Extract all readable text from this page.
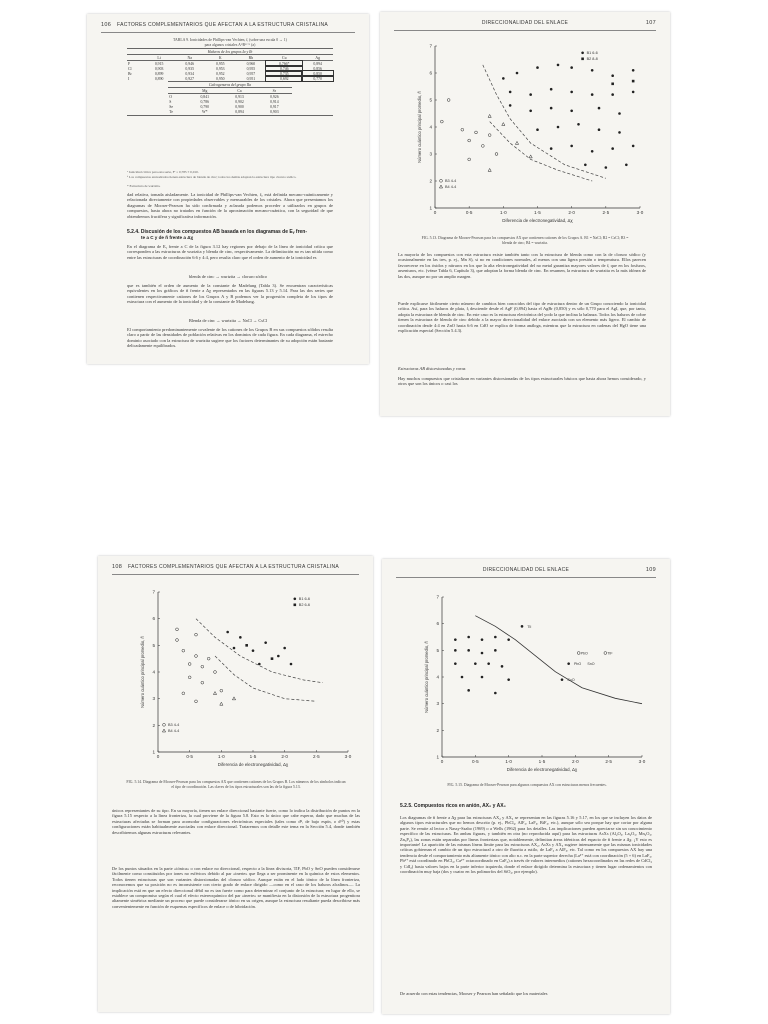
106 FACTORES COMPLEMENTARIOS QUE AFECTAN A LA ESTRUCTURA CRISTALINA
TABLA 9. Ionicidades de Phillips-van Vechten, fᵢ (sobre una escala 0 → 1)
para algunos cristales AᴺB⁸⁻ᴺ (a)
Haluros de los grupos Ia y Ib						
	Li	Na	K	Rb	Cu	Ag
F	0,915	0,946	0,955	0,960	0,766*	0,894
Cl	0,903	0,935	0,953	0,955	0,746	0,856
Br	0,899	0,934	0,952	0,957	0,735	0,850
I	0,890	0,927	0,950	0,951	0,692	0,770
Calcogenuros del grupo IIa			
	Mg	Ca	Sr
O	0,841	0,913	0,926
S	0,786	0,902	0,914
Se	0,790	0,900	0,917
Te	W*	0,894	0,903

ᵃ Ionicidad crítica para esta serie, Fᶜ = 0,785 ± 0,010.

ᵇ Los compuestos encuadrados tienen estructura de blenda de cinc; todos los demás adoptan la estructura tipo cloruro sódico.

* Estructura de wurtzita.

dad relativa, tomada aisladamente. La ionicidad de Phillips-van Vechten, fᵢ, está definida mecano-cuánticamente y relacionada directamente con propiedades observables y mensurables de los cristales. Ahora que presentamos los diagramas de Mooser-Pearson ha sido confirmada y aclarada podemos proceder a utilizarlos en grupos de compuestos, hasta ahora no tratados en función de la aproximación mecano-cuántica, con la seguridad de que obtendremos fructífera y significativa información.

5.2.4. Discusión de los compuestos AB basada en los diagramas de Eᵧ fren-
te a C y de ñ frente a Δχ

En el diagrama de Eᵧ frente a C de la figura 3.12 hay regiones por debajo de la línea de ionicidad crítica que corresponden a las estructuras de wurtzita y blenda de cinc, respectivamente. La delimitación no es tan nítida como entre las estructuras de coordinación 6:6 y 4:4, pero resulta claro que el orden de aumento de la ionicidad es

blenda de cinc → wurtzita → cloruro sódico

que es también el orden de aumento de la constante de Madelung (Tabla 3). Se encuentran características equivalentes en los gráficos de ñ frente a Δχ representados en las figuras 5.13 y 5.14. Para las dos series que contienen respectivamente cationes de los Grupos A y B podemos ver la progresión completa de los tipos de estructura con el aumento de la ionicidad y de la constante de Madelung.

Blenda de cinc → wurtzita → NaCl → CsCl

El comportamiento predominantemente covalente de los cationes de los Grupos B en sus compuestos sólidos resulta claro a partir de las densidades de población relativas en los dominios de cada figura. En cada diagrama, el estrecho dominio asociado con la estructura de wurtzita sugiere que los factores determinantes de su adopción están bastante delicadamente equilibrados.

DIRECCIONALIDAD DEL ENLACE	107
0	0·5	1·0	1·5	2·0	2·5	3·0
1
2
3
4
5
6
7
Diferencia de electronegatividad, Δχ
Número cuántico principal promedio, ñ
B1 6-6
B2 8-8
B3 4-4
B4 4-4

FIG. 5.13. Diagrama de Mooser-Pearson para los compuestos AX que contienen cationes de los Grupos A. B1 = NaCl; B2 = CsCl; B3 = blenda de cinc; B4 = wurtzita.

La mayoría de los compuestos con esta estructura existe también tanto con la estructura de blenda como con la de cloruro sódico (y ocasionalmente en las tres, p. ej., Mn S), si no en condiciones normales, al menos con una ligera presión o temperatura. Ellos parecen favorecerse en los óxidos y nitruros en los que la alta electronegatividad del no metal garantiza mayores valores de fᵢ que en los fosfuros, arseniuros, etc. (véase Tabla 6, Capítulo 3), que adoptan la forma blenda de cinc. En resumen, la estructura de wurtzita es la más idónea de las dos, aunque no por un amplio margen.

Puede explicarse fácilmente cierto número de cambios bien conocidos del tipo de estructura dentro de un Grupo conociendo la ionicidad crítica. Así, para los haluros de plata, fᵢ desciende desde el AgF (0,894) hasta el AgBr (0,850) y es sólo 0,770 para el AgI, que, por tanto, adopta la estructura de blenda de cinc. En este caso es la estructura electrónica del yodo la que inclina la balanza. Todos los haluros de cobre tienen la estructura de blenda de cinc debido a la mayor direccionalidad del enlace asociada con un elemento más ligero. El cambio de coordinación desde 4:4 en ZnO hasta 6:6 en CdO se explica de forma análoga, mientras que la estructura en cadenas del HgO tiene una explicación especial (Sección 5.4.3).

Estructuras AB distorsionadas y raras

Hay muchos compuestos que cristalizan en variantes distorsionadas de los tipos estructurales básicos que hasta ahora hemos considerado, y otros que son los únicos o casi los

108 FACTORES COMPLEMENTARIOS QUE AFECTAN A LA ESTRUCTURA CRISTALINA
0	0·5	1·0	1·5	2·0	2·5	3·0
1
2
3
4
5
6
7
Diferencia de electronegatividad, Δχ
Número cuántico principal promedio, ñ
B1 6-6
B2 6-6
B3 4-4
B4 4-4

FIG. 5.14. Diagrama de Mooser-Pearson para los compuestos AX que contienen cationes de los Grupos B. Los números de los símbolos indican el tipo de coordinación. Las claves de los tipos estructurales son las de la figura 5.13.

únicos representantes de su tipo. En su mayoría, tienen un enlace direccional bastante fuerte, como lo indica la distribución de puntos en la figura 5.15 respecto a la línea fronteriza, la cual proviene de la figura 5.8. Esto es lo único que cabe esperar, dado que muchas de las estructuras afectadas se forman para acomodar configuraciones electrónicas especiales (tales como d⁸, de bajo espín, o d¹⁰) y estas configuraciones están habitualmente asociadas con enlace direccional. Trataremos con detalle este tema en la Sección 5.4, donde también describiremos algunas estructuras relevantes.

De los puntos situados en la parte «iónica» o con enlace no direccional, respecto a la línea divisoria, TlF, PbO y SnO pueden considerarse fácilmente como constituidos por iones no esféricos debido al par «inerte» que llega a ser prominente en la química de estos elementos. Todos tienen estructuras que son variantes distorsionadas del cloruro sódico. Aunque están en el lado iónico de la línea fronteriza, reconocemos que su posición no es inconsistente con cierto grado de enlace dirigido —como en el caso de los haluros alcalinos—. La implicación está en que un efecto direccional débil no es tan fuerte como para determinar el conjunto de la estructura; en lugar de ello, se establece un compromiso según el cual el efecto estereoquímico del par «inerte» se manifiesta en la distorsión de la estructura progenitora altamente simétrica mediante un proceso que puede considerarse iónico en su origen, aunque la estructura resultante pueda describirse más convenientemente en función de esquemas específicos de enlace o de hibridación.

DIRECCIONALIDAD DEL ENLACE	109
0	0·5	1·0	1·5	2·0	2·5	3·0
1
2
3
4
5
6
7
Diferencia de electronegatividad, Δχ
Número cuántico principal promedio, ñ
TlI
PbO	TlF
PbO SnO
CuO

FIG. 5.15. Diagrama de Mooser-Pearson para algunos compuestos AX con estructuras menos frecuentes.

5.2.5. Compuestos ricos en anión, AX₂ y AX₃

Los diagramas de ñ frente a Δχ para las estructuras AX₂ y AX₃ se representan en las figuras 5.16 y 5.17, en los que se incluyen los datos de algunos tipos estructurales que no hemos descrito (p. ej., PbCl₂, AlF₃, LaF₃, BiF₃, etc.), aunque sólo sea porque hay que cortar por alguna parte. Se remite al lector a Nassy-Szabo (1969) o a Wells (1962) para los detalles. Las implicaciones pueden apreciarse sin un conocimiento específico de las estructuras. En ambas figuras, y también en otra (no reproducida aquí) para las estructuras AₙXₙ (Al₂O₃, La₂O₃, Mn₂O₃, Zn₃P₂), las zonas están separadas por líneas fronterizas que, notablemente, delimitan áreas idénticas del espacio de ñ frente a Δχ. ¡Y esto es importante! La aparición de las mismas líneas límite para las estructuras AX₂, AₙXₙ y AX₃ sugiere intensamente que las mismas ionicidades críticas gobiernan el cambio de un tipo estructural a otro de fluorita a rutilo, de LaF₃ a AlF₃, etc. Tal como en los compuestos AX hay una tendencia desde el comportamiento más altamente iónico con alto n.c. en la parte superior derecha (La³⁺ está con coordinación (5 + 6) en LaF₃, Pb²⁺ está coordinado en PbCl₂, Ca²⁺ octacoordinado en CaF₂) a través de valores intermedios (cationes hexacoordinados en las redes de CdCl₂ y CdI₂) hasta valores bajos en la parte inferior izquierda, donde el enlace dirigido determina la estructura y tienen lugar ordenamientos con coordinación muy baja (dos y cuatro en los polimorfos del SiO₂, por ejemplo).

De acuerdo con estas tendencias, Mooser y Pearson han señalado que los materiales
